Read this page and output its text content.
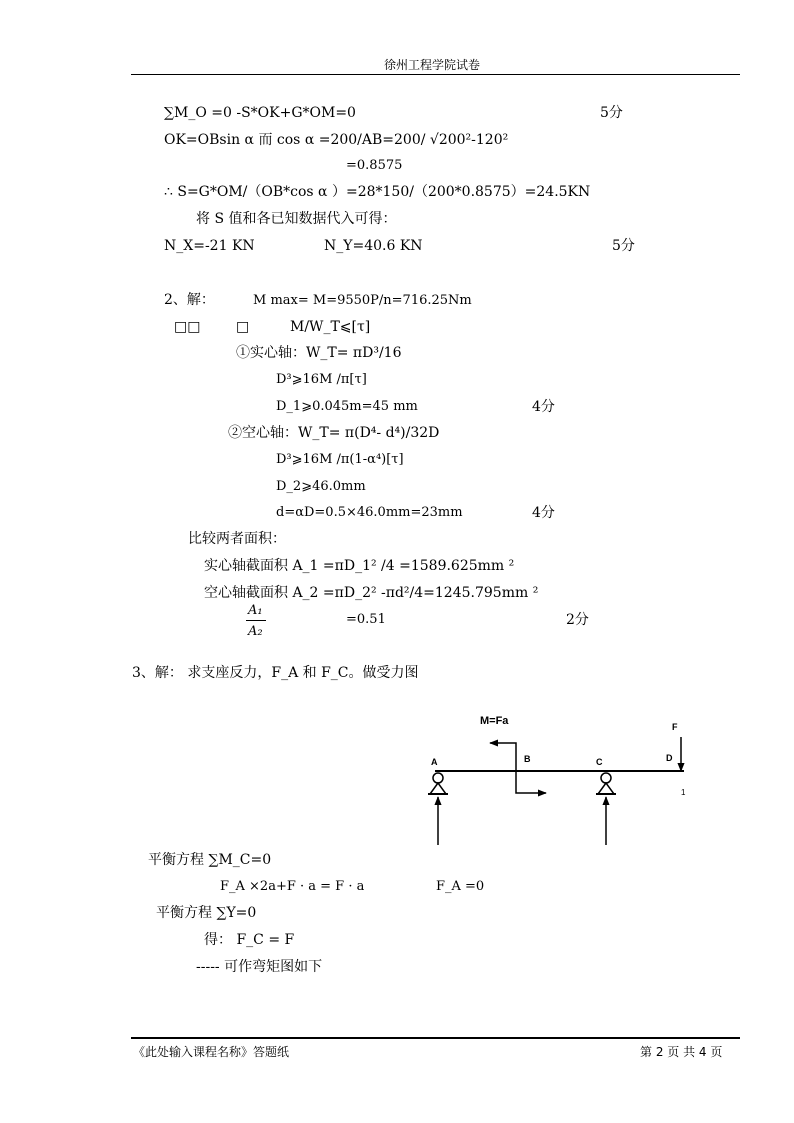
徐州工程学院试卷
∑M_O =0 -S*OK+G*OM=0	5分
OK=OBsin α 而 cos α =200/AB=200/ √200²-120²
=0.8575
∴ S=G*OM/（OB*cos α ）=28*150/（200*0.8575）=24.5KN
将 S 值和各已知数据代入可得：
N_X=-21 KN	N_Y=40.6 KN	5分
2、解：	M max= M=9550P/n=716.25Nm
□□	□	M/W_T⩽[τ]
①实心轴：W_T= πD³/16
D³⩾16M /π[τ]
D_1⩾0.045m=45 mm	4分
②空心轴：W_T= π(D⁴- d⁴)/32D
D³⩾16M /π(1-α⁴)[τ]
D_2⩾46.0mm
d=αD=0.5×46.0mm=23mm	4分
比较两者面积：
实心轴截面积 A_1 =πD_1² /4 =1589.625mm ²
空心轴截面积 A_2 =πD_2² -πd²/4=1245.795mm ²
A₁
A₂
=0.51	2分
3、解： 求支座反力，F_A 和 F_C。做受力图
M=Fa
A	B	C	D
F
1
平衡方程 ∑M_C=0
F_A ×2a+F · a = F · a	F_A =0
平衡方程 ∑Y=0
得： F_C = F
----- 可作弯矩图如下
《此处输入课程名称》答题纸	第 2 页 共 4 页
